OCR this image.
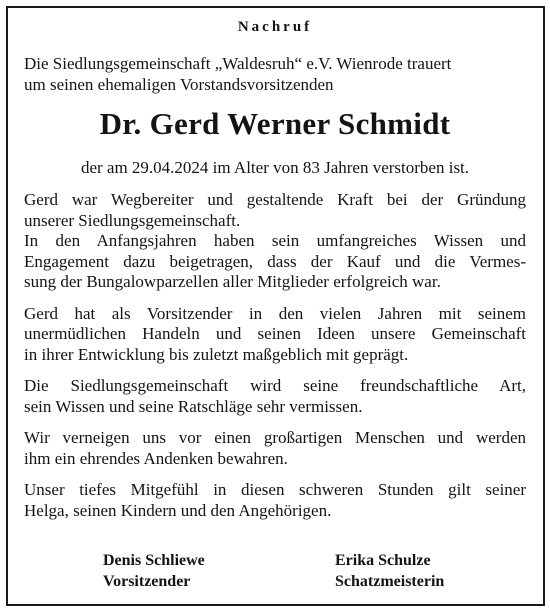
Nachruf
Die Siedlungsgemeinschaft „Waldesruh“ e.V. Wienrode trauert
um seinen ehemaligen Vorstandsvorsitzenden
Dr. Gerd Werner Schmidt
der am 29.04.2024 im Alter von 83 Jahren verstorben ist.

Gerd war Wegbereiter und gestaltende Kraft bei der Gründung
unserer Siedlungsgemeinschaft.
In den Anfangsjahren haben sein umfangreiches Wissen und
Engagement dazu beigetragen, dass der Kauf und die Vermes-
sung der Bungalowparzellen aller Mitglieder erfolgreich war.

Gerd hat als Vorsitzender in den vielen Jahren mit seinem
unermüdlichen Handeln und seinen Ideen unsere Gemeinschaft
in ihrer Entwicklung bis zuletzt maßgeblich mit geprägt.

Die Siedlungsgemeinschaft wird seine freundschaftliche Art,
sein Wissen und seine Ratschläge sehr vermissen.

Wir verneigen uns vor einen großartigen Menschen und werden
ihm ein ehrendes Andenken bewahren.

Unser tiefes Mitgefühl in diesen schweren Stunden gilt seiner
Helga, seinen Kindern und den Angehörigen.

Denis Schliewe
Vorsitzender
Erika Schulze
Schatzmeisterin
